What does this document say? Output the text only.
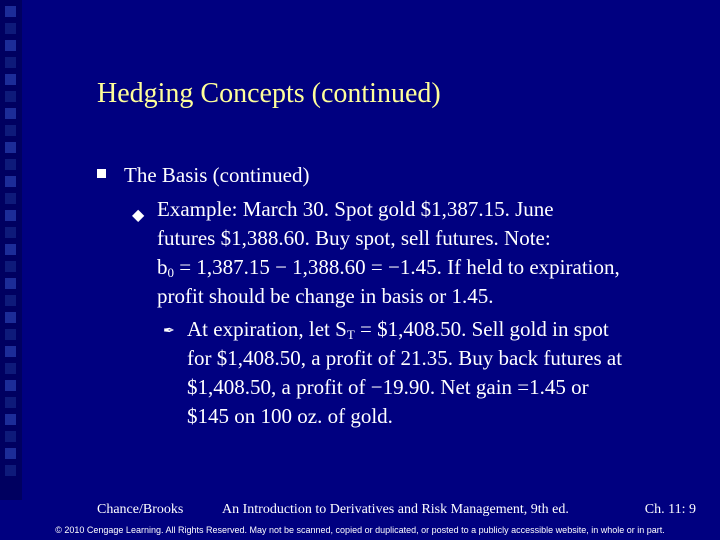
Hedging Concepts (continued)
The Basis (continued)
◆ Example: March 30. Spot gold $1,387.15. June
futures $1,388.60. Buy spot, sell futures. Note:
$b_0 = 1,387.15 - 1,388.60 = -1.45$. If held to expiration,
profit should be change in basis or 1.45.
✒ At expiration, let $S_T$ = $1,408.50. Sell gold in spot
for $1,408.50, a profit of 21.35. Buy back futures at
$1,408.50, a profit of −19.90. Net gain =1.45 or
$145 on 100 oz. of gold.
Chance/Brooks	An Introduction to Derivatives and Risk Management, 9th ed.	Ch. 11: 9
© 2010 Cengage Learning. All Rights Reserved. May not be scanned, copied or duplicated, or posted to a publicly accessible website, in whole or in part.
